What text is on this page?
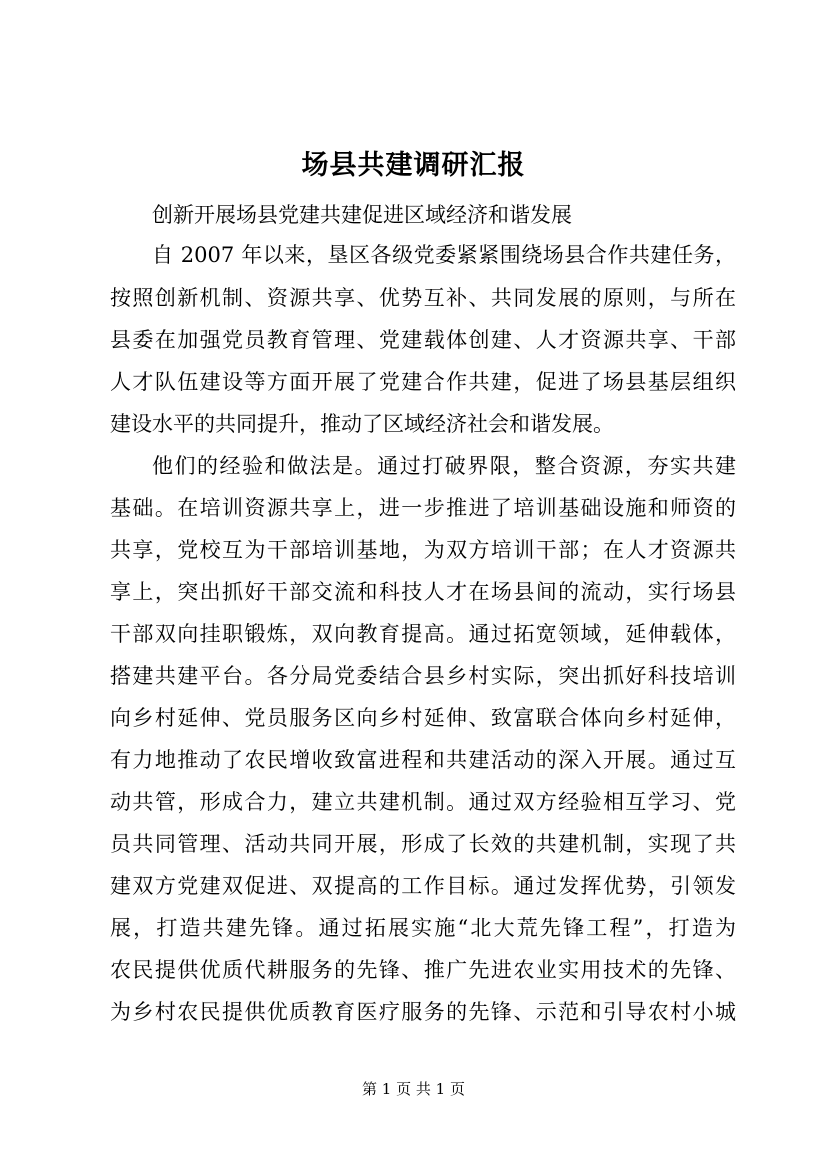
场县共建调研汇报
创新开展场县党建共建促进区域经济和谐发展
自 2007 年以来，垦区各级党委紧紧围绕场县合作共建任务，
按照创新机制、资源共享、优势互补、共同发展的原则，与所在
县委在加强党员教育管理、党建载体创建、人才资源共享、干部
人才队伍建设等方面开展了党建合作共建，促进了场县基层组织
建设水平的共同提升，推动了区域经济社会和谐发展。
他们的经验和做法是。通过打破界限，整合资源，夯实共建
基础。在培训资源共享上，进一步推进了培训基础设施和师资的
共享，党校互为干部培训基地，为双方培训干部；在人才资源共
享上，突出抓好干部交流和科技人才在场县间的流动，实行场县
干部双向挂职锻炼，双向教育提高。通过拓宽领域，延伸载体，
搭建共建平台。各分局党委结合县乡村实际，突出抓好科技培训
向乡村延伸、党员服务区向乡村延伸、致富联合体向乡村延伸，
有力地推动了农民增收致富进程和共建活动的深入开展。通过互
动共管，形成合力，建立共建机制。通过双方经验相互学习、党
员共同管理、活动共同开展，形成了长效的共建机制，实现了共
建双方党建双促进、双提高的工作目标。通过发挥优势，引领发
展，打造共建先锋。通过拓展实施“北大荒先锋工程”，打造为
农民提供优质代耕服务的先锋、推广先进农业实用技术的先锋、
为乡村农民提供优质教育医疗服务的先锋、示范和引导农村小城
第 1 页 共 1 页
